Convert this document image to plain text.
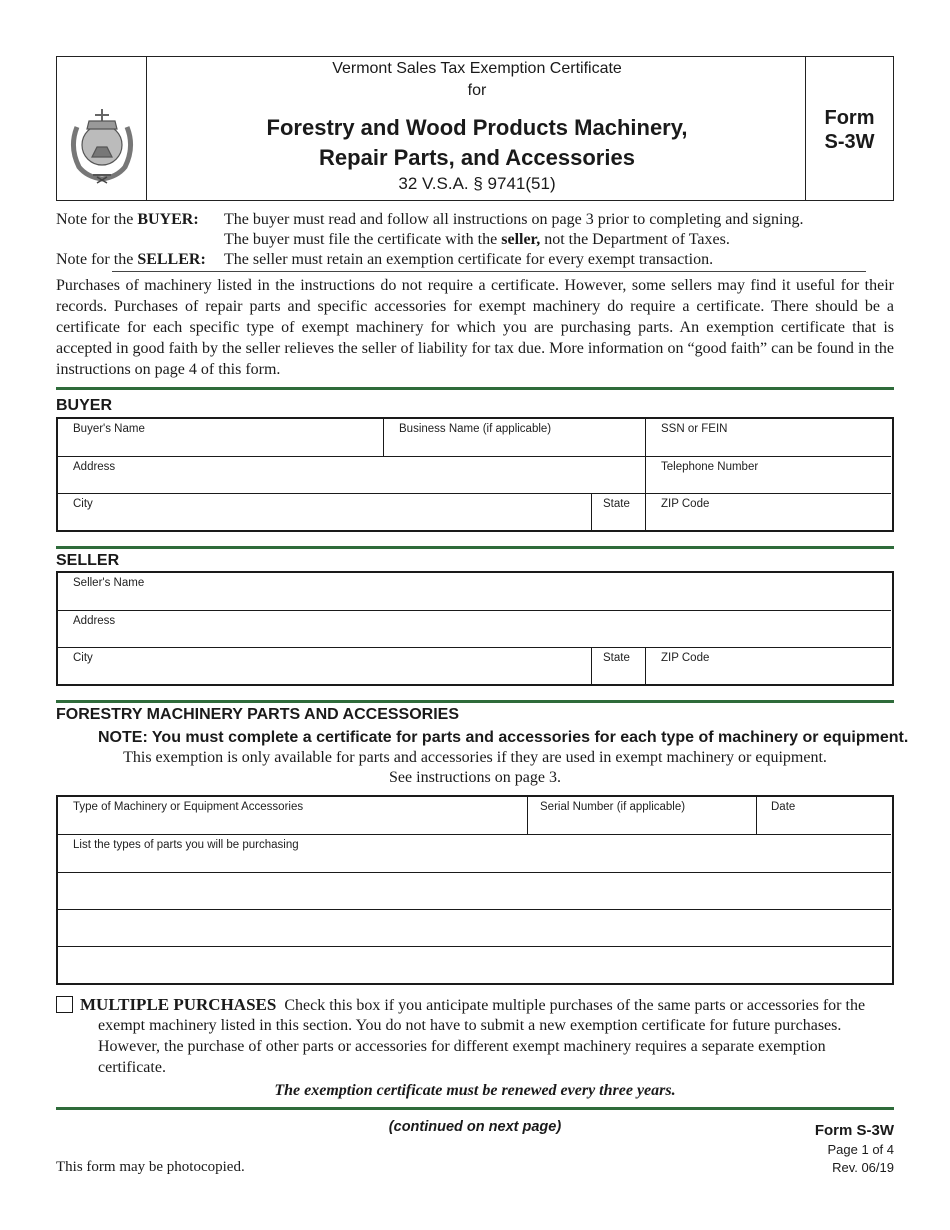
Vermont Sales Tax Exemption Certificate
for
Forestry and Wood Products Machinery,
Repair Parts, and Accessories
32 V.S.A. § 9741(51)
Form
S-3W
Note for the BUYER: The buyer must read and follow all instructions on page 3 prior to completing and signing.
The buyer must file the certificate with the seller, not the Department of Taxes.
Note for the SELLER: The seller must retain an exemption certificate for every exempt transaction.
Purchases of machinery listed in the instructions do not require a certificate. However, some sellers may find it useful for their records. Purchases of repair parts and specific accessories for exempt machinery do require a certificate. There should be a certificate for each specific type of exempt machinery for which you are purchasing parts. An exemption certificate that is accepted in good faith by the seller relieves the seller of liability for tax due. More information on “good faith” can be found in the instructions on page 4 of this form.
BUYER
Buyer's Name	Business Name (if applicable)	SSN or FEIN
Address	Telephone Number
City	State	ZIP Code
SELLER
Seller's Name
Address
City	State	ZIP Code
FORESTRY MACHINERY PARTS AND ACCESSORIES
NOTE: You must complete a certificate for parts and accessories for each type of machinery or equipment.
This exemption is only available for parts and accessories if they are used in exempt machinery or equipment.
See instructions on page 3.
Type of Machinery or Equipment Accessories	Serial Number (if applicable)	Date
List the types of parts you will be purchasing
MULTIPLE PURCHASES Check this box if you anticipate multiple purchases of the same parts or accessories for the
exempt machinery listed in this section. You do not have to submit a new exemption certificate for future purchases.
However, the purchase of other parts or accessories for different exempt machinery requires a separate exemption
certificate.
The exemption certificate must be renewed every three years.
(continued on next page)	Form S-3W
Page 1 of 4
Rev. 06/19
This form may be photocopied.
